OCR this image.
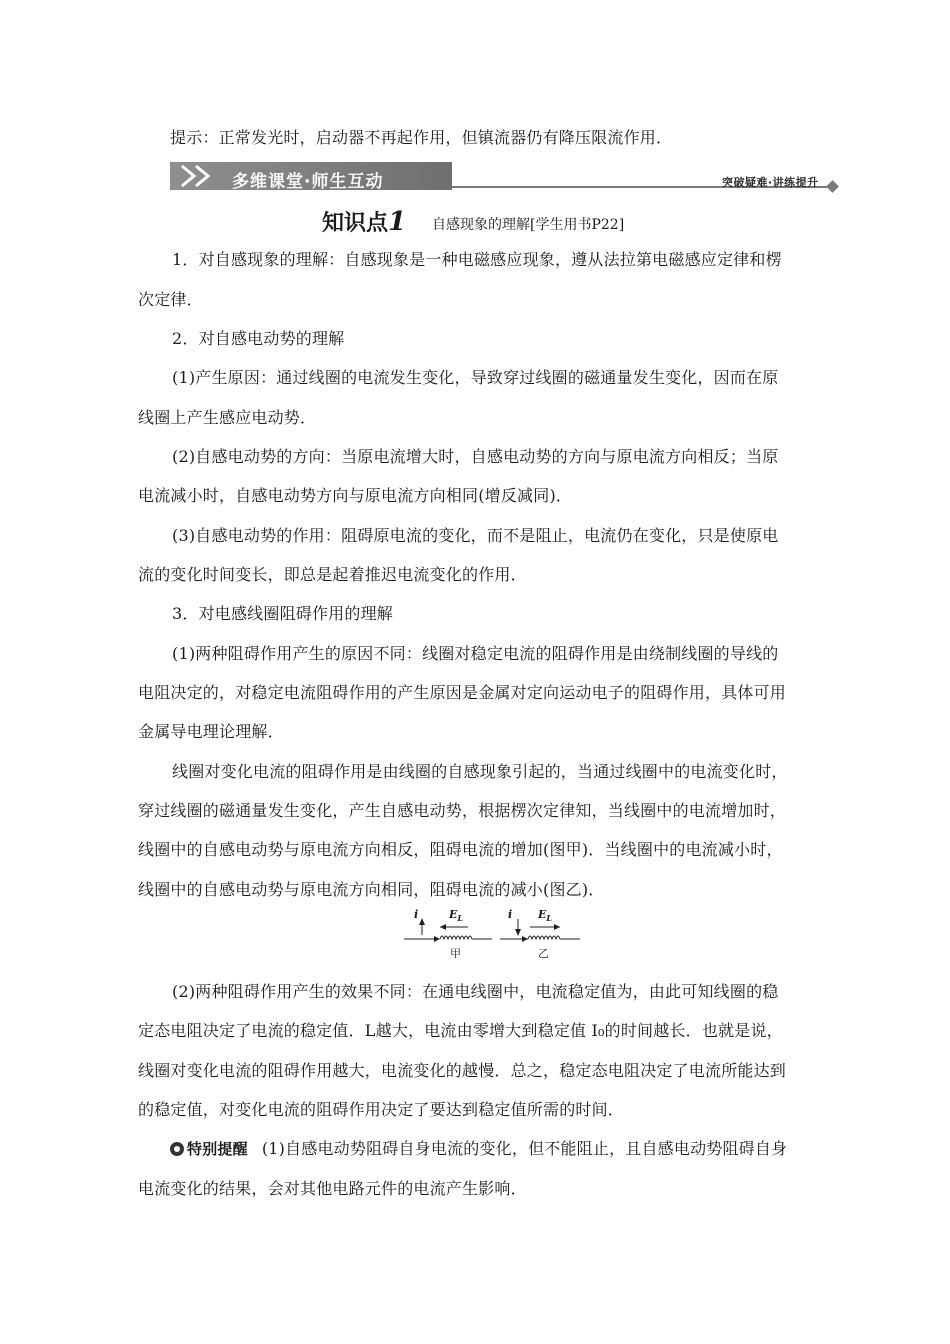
提示：正常发光时，启动器不再起作用，但镇流器仍有降压限流作用．
多维课堂·师生互动	突破疑难·讲练提升
知识点1 自感现象的理解[学生用书P22]
1．对自感现象的理解：自感现象是一种电磁感应现象，遵从法拉第电磁感应定律和楞
次定律．
2．对自感电动势的理解
(1)产生原因：通过线圈的电流发生变化，导致穿过线圈的磁通量发生变化，因而在原
线圈上产生感应电动势．
(2)自感电动势的方向：当原电流增大时，自感电动势的方向与原电流方向相反；当原
电流减小时，自感电动势方向与原电流方向相同(增反减同)．
(3)自感电动势的作用：阻碍原电流的变化，而不是阻止，电流仍在变化，只是使原电
流的变化时间变长，即总是起着推迟电流变化的作用．
3．对电感线圈阻碍作用的理解
(1)两种阻碍作用产生的原因不同：线圈对稳定电流的阻碍作用是由绕制线圈的导线的
电阻决定的，对稳定电流阻碍作用的产生原因是金属对定向运动电子的阻碍作用，具体可用
金属导电理论理解．
线圈对变化电流的阻碍作用是由线圈的自感现象引起的，当通过线圈中的电流变化时，
穿过线圈的磁通量发生变化，产生自感电动势，根据楞次定律知，当线圈中的电流增加时，
线圈中的自感电动势与原电流方向相反，阻碍电流的增加(图甲)．当线圈中的电流减小时，
线圈中的自感电动势与原电流方向相同，阻碍电流的减小(图乙)．
i	$E_L$
甲
i $E_L$
乙
(2)两种阻碍作用产生的效果不同：在通电线圈中，电流稳定值为，由此可知线圈的稳
定态电阻决定了电流的稳定值．L越大，电流由零增大到稳定值 I₀的时间越长．也就是说，
线圈对变化电流的阻碍作用越大，电流变化的越慢．总之，稳定态电阻决定了电流所能达到
的稳定值，对变化电流的阻碍作用决定了要达到稳定值所需的时间．
特别提醒 (1)自感电动势阻碍自身电流的变化，但不能阻止，且自感电动势阻碍自身
电流变化的结果，会对其他电路元件的电流产生影响．
